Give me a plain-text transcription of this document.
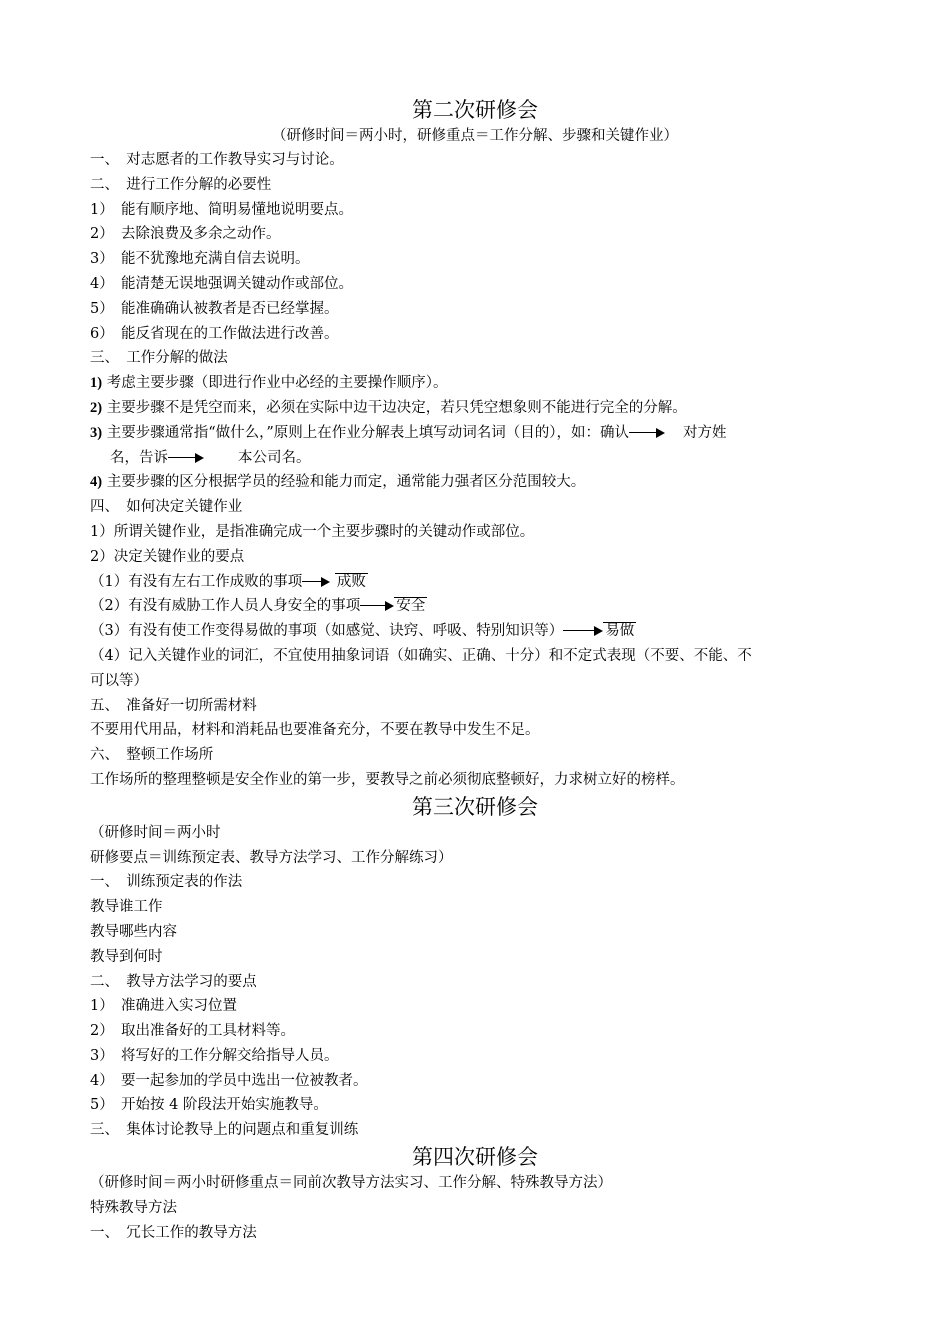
第二次研修会
（研修时间＝两小时，研修重点＝工作分解、步骤和关键作业）
一、　对志愿者的工作教导实习与讨论。
二、　进行工作分解的必要性
1）　能有顺序地、简明易懂地说明要点。
2）　去除浪费及多余之动作。
3）　能不犹豫地充满自信去说明。
4）　能清楚无误地强调关键动作或部位。
5）　能准确确认被教者是否已经掌握。
6）　能反省现在的工作做法进行改善。
三、　工作分解的做法
1) 考虑主要步骤（即进行作业中必经的主要操作顺序）。
2) 主要步骤不是凭空而来，必须在实际中边干边决定，若只凭空想象则不能进行完全的分解。
3) 主要步骤通常指“做什么，”原则上在作业分解表上填写动词名词（目的），如：确认	对方姓
名，告诉	本公司名。
4) 主要步骤的区分根据学员的经验和能力而定，通常能力强者区分范围较大。
四、　如何决定关键作业
1）所谓关键作业，是指准确完成一个主要步骤时的关键动作或部位。
2）决定关键作业的要点
（1）有没有左右工作成败的事项 成败
（2）有没有威胁工作人员人身安全的事项 安全
（3）有没有使工作变得易做的事项（如感觉、诀窍、呼吸、特别知识等）	易做
（4）记入关键作业的词汇，不宜使用抽象词语（如确实、正确、十分）和不定式表现（不要、不能、不
可以等）
五、　准备好一切所需材料
不要用代用品，材料和消耗品也要准备充分，不要在教导中发生不足。
六、　整顿工作场所
工作场所的整理整顿是安全作业的第一步，要教导之前必须彻底整顿好，力求树立好的榜样。
第三次研修会
（研修时间＝两小时
研修要点＝训练预定表、教导方法学习、工作分解练习）
一、　训练预定表的作法
教导谁工作
教导哪些内容
教导到何时
二、　教导方法学习的要点
1）　准确进入实习位置
2）　取出准备好的工具材料等。
3）　将写好的工作分解交给指导人员。
4）　要一起参加的学员中选出一位被教者。
5）　开始按 4 阶段法开始实施教导。
三、　集体讨论教导上的问题点和重复训练
第四次研修会
（研修时间＝两小时研修重点＝同前次教导方法实习、工作分解、特殊教导方法）
特殊教导方法
一、　冗长工作的教导方法
